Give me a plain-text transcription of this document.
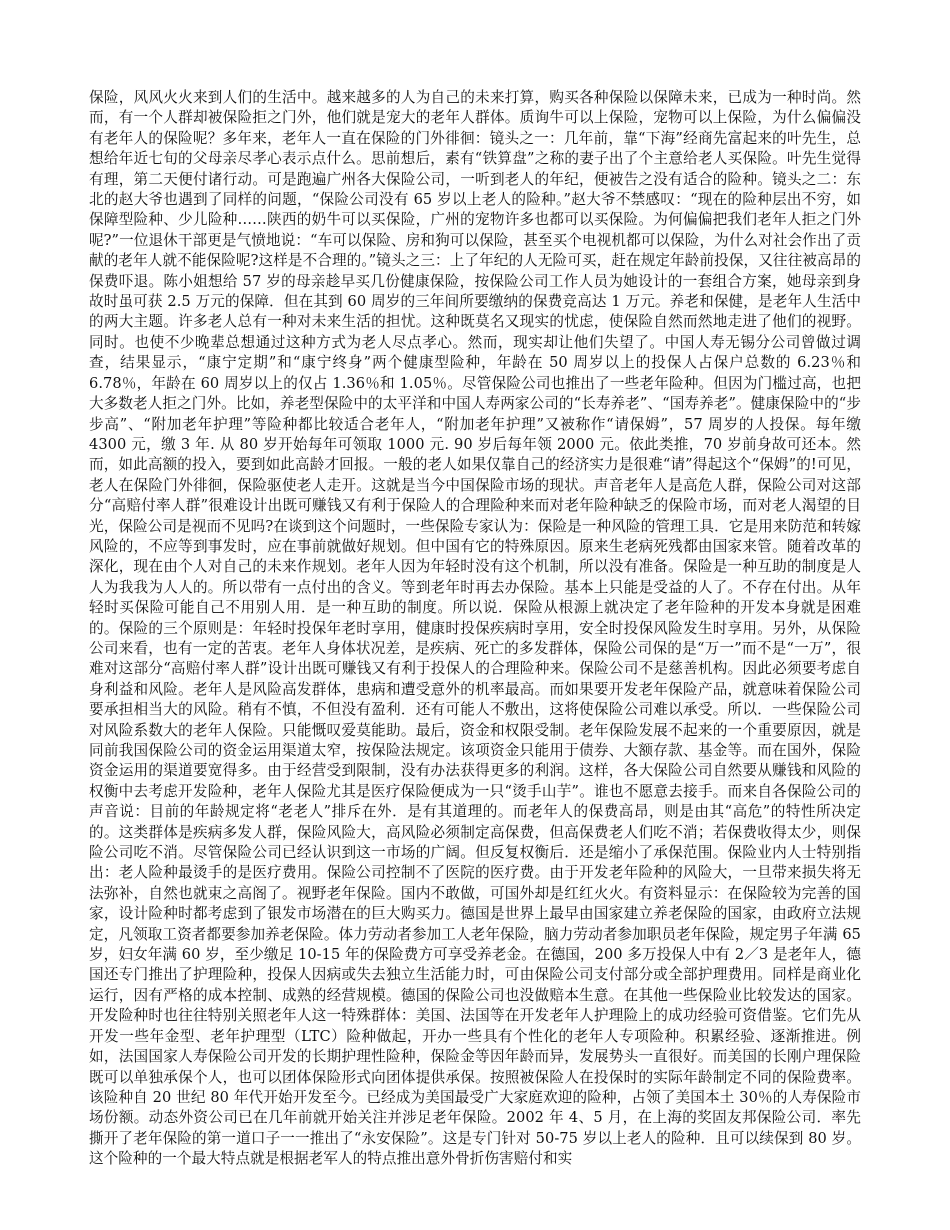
保险，风风火火来到人们的生活中。越来越多的人为自己的未来打算，购买各种保险以保障未来，已成为一种时尚。然而，有一个人群却被保险拒之门外，他们就是宠大的老年人群体。质询牛可以上保险，宠物可以上保险，为什么偏偏没有老年人的保险呢？多年来，老年人一直在保险的门外徘徊：镜头之一：几年前，靠“下海”经商先富起来的叶先生，总想给年近七旬的父母亲尽孝心表示点什么。思前想后，素有“铁算盘”之称的妻子出了个主意给老人买保险。叶先生觉得有理，第二天便付诸行动。可是跑遍广州各大保险公司，一听到老人的年纪，便被告之没有适合的险种。镜头之二：东北的赵大爷也遇到了同样的问题，“保险公司没有 65 岁以上老人的险种。”赵大爷不禁感叹：“现在的险种层出不穷，如保障型险种、少儿险种……陕西的奶牛可以买保险，广州的宠物许多也都可以买保险。为何偏偏把我们老年人拒之门外呢?”一位退休干部更是气愤地说：“车可以保险、房和狗可以保险，甚至买个电视机都可以保险，为什么对社会作出了贡献的老年人就不能保险呢?这样是不合理的。”镜头之三：上了年纪的人无险可买，赶在规定年龄前投保，又往往被高昂的保费吓退。陈小姐想给 57 岁的母亲趁早买几份健康保险，按保险公司工作人员为她设计的一套组合方案，她母亲到身故时虽可获 2.5 万元的保障．但在其到 60 周岁的三年间所要缴纳的保费竞高达 1 万元。养老和保健，是老年人生活中的两大主题。许多老人总有一种对未来生活的担忧。这种既莫名又现实的忧虑，使保险自然而然地走进了他们的视野。同时。也使不少晚辈总想通过这种方式为老人尽点孝心。然而，现实却让他们失望了。中国人寿无锡分公司曾做过调查，结果显示，“康宁定期”和“康宁终身”两个健康型险种，年龄在 50 周岁以上的投保人占保户总数的 6.23％和 6.78％，年龄在 60 周岁以上的仅占 1.36％和 1.05％。尽管保险公司也推出了一些老年险种。但因为门槛过高，也把大多数老人拒之门外。比如，养老型保险中的太平洋和中国人寿两家公司的“长寿养老”、“国寿养老”。健康保险中的“步步高”、“附加老年护理”等险种都比较适合老年人，“附加老年护理”又被称作“请保姆”，57 周岁的人投保。每年缴 4300 元，缴 3 年. 从 80 岁开始每年可领取 1000 元. 90 岁后每年领 2000 元。依此类推，70 岁前身故可还本。然而，如此高额的投入，要到如此高龄才回报。一般的老人如果仅靠自己的经济实力是很难“请”得起这个“保姆”的!可见，老人在保险门外徘徊，保险驱使老人走开。这就是当今中国保险市场的现状。声音老年人是高危人群，保险公司对这部分“高赔付率人群”很难设计出既可赚钱又有利于保险人的合理险种来而对老年险种缺乏的保险市场，而对老人渴望的目光，保险公司是视而不见吗?在谈到这个问题时，一些保险专家认为：保险是一种风险的管理工具．它是用来防范和转嫁风险的，不应等到事发时，应在事前就做好规划。但中国有它的特殊原因。原来生老病死残都由国家来管。随着改革的深化，现在由个人对自己的未来作规划。老年人因为年轻时没有这个机制，所以没有准备。保险是一种互助的制度是人人为我我为人人的。所以带有一点付出的含义。等到老年时再去办保险。基本上只能是受益的人了。不存在付出。从年轻时买保险可能自己不用别人用．是一种互助的制度。所以说．保险从根源上就决定了老年险种的开发本身就是困难的。保险的三个原则是：年轻时投保年老时享用，健康时投保疾病时享用，安全时投保风险发生时享用。另外，从保险公司来看，也有一定的苦衷。老年人身体状况差，是疾病、死亡的多发群体，保险公司保的是“万一”而不是“一万”，很难对这部分“高赔付率人群”设计出既可赚钱又有利于投保人的合理险种来。保险公司不是慈善机构。因此必须要考虑自身利益和风险。老年人是风险高发群体，患病和遭受意外的机率最高。而如果要开发老年保险产品，就意味着保险公司要承担相当大的风险。稍有不慎，不但没有盈利．还有可能人不敷出，这将使保险公司难以承受。所以．一些保险公司对风险系数大的老年人保险。只能慨叹爱莫能助。最后，资金和权限受制。老年保险发展不起来的一个重要原因，就是同前我国保险公司的资金运用渠道太窄，按保险法规定。该项资金只能用于债券、大额存款、基金等。而在国外，保险资金运用的渠道要宽得多。由于经营受到限制，没有办法获得更多的利润。这样，各大保险公司自然要从赚钱和风险的权衡中去考虑开发险种，老年人保险尤其是医疗保险便成为一只“烫手山芋”。谁也不愿意去接手。而来自各保险公司的声音说：目前的年龄规定将“老老人”排斥在外．是有其道理的。而老年人的保费高昂，则是由其“高危”的特性所决定的。这类群体是疾病多发人群，保险风险大，高风险必须制定高保费，但高保费老人们吃不消；若保费收得太少，则保险公司吃不消。尽管保险公司已经认识到这一市场的广阔。但反复权衡后．还是缩小了承保范围。保险业内人士特别指出：老人险种最烫手的是医疗费用。保险公司控制不了医院的医疗费。由于开发老年险种的风险大，一旦带来损失将无法弥补，自然也就束之高阁了。视野老年保险。国内不敢做，可国外却是红红火火。有资料显示：在保险较为完善的国家，设计险种时都考虑到了银发市场潜在的巨大购买力。德国是世界上最早由国家建立养老保险的国家，由政府立法规定，凡领取工资者都要参加养老保险。体力劳动者参加工人老年保险，脑力劳动者参加职员老年保险，规定男子年满 65 岁，妇女年满 60 岁，至少缴足 10-15 年的保险费方可享受养老金。在德国，200 多万投保人中有 2／3 是老年人，德国还专门推出了护理险种，投保人因病或失去独立生活能力时，可由保险公司支付部分或全部护理费用。同样是商业化运行，因有严格的成本控制、成熟的经营规模。德国的保险公司也没做赔本生意。在其他一些保险业比较发达的国家。开发险种时也往往特别关照老年人这一特殊群体：美国、法国等在开发老年人护理险上的成功经验可资借鉴。它们先从开发一些年金型、老年护理型（LTC）险种做起，开办一些具有个性化的老年人专项险种。积累经验、逐渐推进。例如，法国国家人寿保险公司开发的长期护理性险种，保险金等因年龄而异，发展势头一直很好。而美国的长刚户理保险既可以单独承保个人，也可以团体保险形式向团体提供承保。按照被保险人在投保时的实际年龄制定不同的保险费率。该险种自 20 世纪 80 年代开始开发至今。已经成为美国最受广大家庭欢迎的险种，占领了美国本土 30％的人寿保险市场份额。动态外资公司已在几年前就开始关注并涉足老年保险。2002 年 4、5 月，在上海的奖固友邦保险公司．率先撕开了老年保险的第一道口子一一推出了“永安保险”。这是专门针对 50-75 岁以上老人的险种．且可以续保到 80 岁。这个险种的一个最大特点就是根据老军人的特点推出意外骨折伤害赔付和实
